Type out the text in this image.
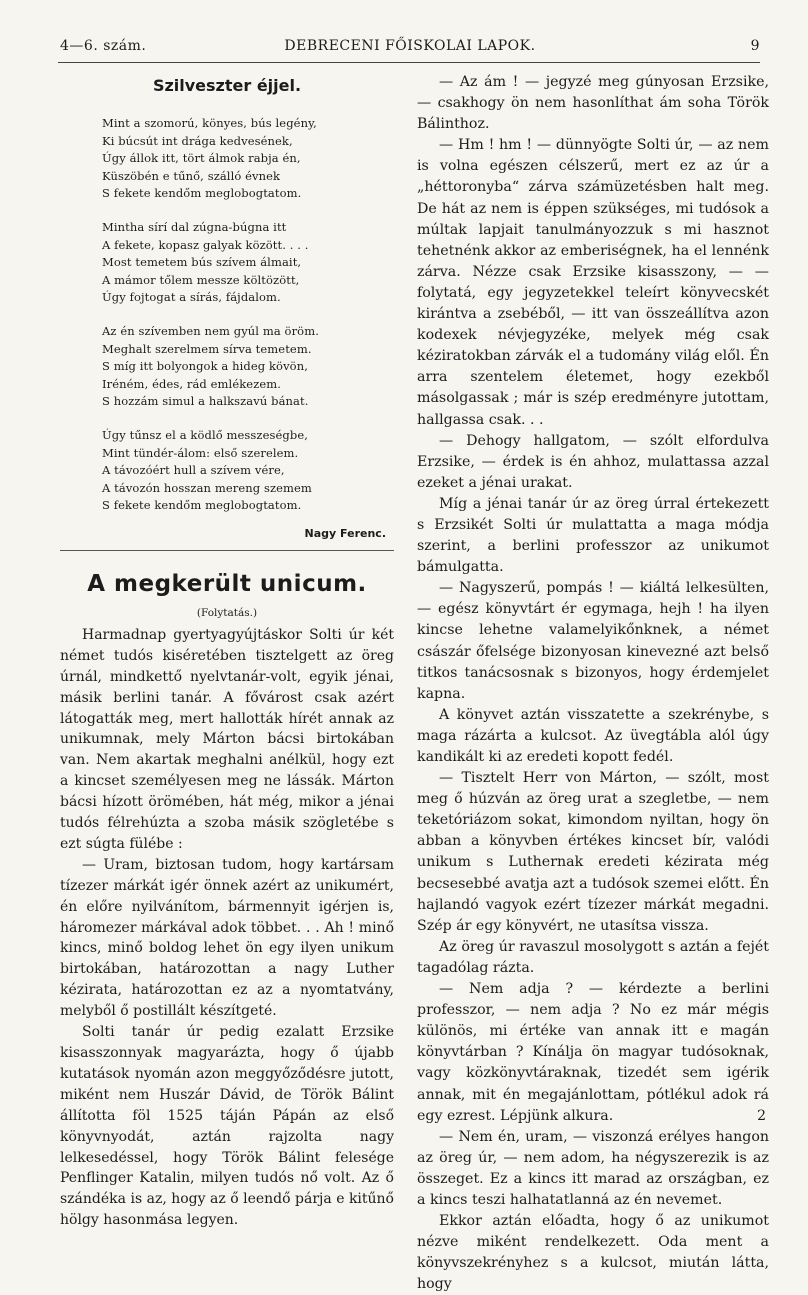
4—6. szám.	DEBRECENI FŐISKOLAI LAPOK.	9
Szilveszter éjjel.
Mint a szomorú, könyes, bús legény,
Ki búcsút int drága kedvesének,
Úgy állok itt, tört álmok rabja én,
Küszöbén e tűnő, szálló évnek
S fekete kendőm meglobogtatom.
Mintha sírí dal zúgna-búgna itt
A fekete, kopasz galyak között. . . .
Most temetem bús szívem álmait,
A mámor tőlem messze költözött,
Úgy fojtogat a sírás, fájdalom.
Az én szívemben nem gyúl ma öröm.
Meghalt szerelmem sírva temetem.
S míg itt bolyongok a hideg kövön,
Iréném, édes, rád emlékezem.
S hozzám simul a halkszavú bánat.
Úgy tűnsz el a ködlő messzeségbe,
Mint tündér-álom: első szerelem.
A távozóért hull a szívem vére,
A távozón hosszan mereng szemem
S fekete kendőm meglobogtatom.
Nagy Ferenc.
A megkerült unicum.
(Folytatás.)

Harmadnap gyertyagyújtáskor Solti úr két német tudós kiséretében tisztelgett az öreg úrnál, mindkettő nyelvtanár-volt, egyik jénai, másik berlini tanár. A fővárost csak azért látogatták meg, mert hallották hírét annak az unikumnak, mely Márton bácsi birtokában van. Nem akartak meghalni anélkül, hogy ezt a kincset személyesen meg ne lássák. Márton bácsi hízott örömében, hát még, mikor a jénai tudós félrehúzta a szoba másik szögletébe s ezt súgta fülébe :

— Uram, biztosan tudom, hogy kartársam tízezer márkát igér önnek azért az unikumért, én előre nyilvánítom, bármennyit igérjen is, háromezer márkával adok többet. . . Ah ! minő kincs, minő boldog lehet ön egy ilyen unikum birtokában, határozottan a nagy Luther kézirata, határozottan ez az a nyomtatvány, melyből ő postillált készítgeté.

Solti tanár úr pedig ezalatt Erzsike kisasszonnyak magyarázta, hogy ő újabb kutatások nyomán azon meggyőződésre jutott, miként nem Huszár Dávid, de Török Bálint állította föl 1525 táján Pápán az első könyvnyodát, aztán rajzolta nagy lelkesedéssel, hogy Török Bálint felesége Penflinger Katalin, milyen tudós nő volt. Az ő szándéka is az, hogy az ő leendő párja e kitűnő hölgy hasonmása legyen.

— Az ám ! — jegyzé meg gúnyosan Erzsike, — csakhogy ön nem hasonlíthat ám soha Török Bálinthoz.

— Hm ! hm ! — dünnyögte Solti úr, — az nem is volna egészen célszerű, mert ez az úr a „héttoronyba“ zárva számüzetésben halt meg. De hát az nem is éppen szükséges, mi tudósok a múltak lapjait tanulmányozzuk s mi hasznot tehetnénk akkor az emberiségnek, ha el lennénk zárva. Nézze csak Erzsike kisasszony, — — folytatá, egy jegyzetekkel teleírt könyvecskét kirántva a zsebéből, — itt van összeállítva azon kodexek névjegyzéke, melyek még csak kéziratokban zárvák el a tudomány világ elől. Én arra szentelem életemet, hogy ezekből másolgassak ; már is szép eredményre jutottam, hallgassa csak. . .

— Dehogy hallgatom, — szólt elfordulva Erzsike, — érdek is én ahhoz, mulattassa azzal ezeket a jénai urakat.

Míg a jénai tanár úr az öreg úrral értekezett s Erzsikét Solti úr mulattatta a maga módja szerint, a berlini professzor az unikumot bámulgatta.

— Nagyszerű, pompás ! — kiáltá lelkesülten, — egész könyvtárt ér egymaga, hejh ! ha ilyen kincse lehetne valamelyikőnknek, a német császár őfelsége bizonyosan kinevezné azt belső titkos tanácsosnak s bizonyos, hogy érdemjelet kapna.

A könyvet aztán visszatette a szekrénybe, s maga rázárta a kulcsot. Az üvegtábla alól úgy kandikált ki az eredeti kopott fedél.

— Tisztelt Herr von Márton, — szólt, most meg ő húzván az öreg urat a szegletbe, — nem teketóriázom sokat, kimondom nyiltan, hogy ön abban a könyvben értékes kincset bír, valódi unikum s Luthernak eredeti kézirata még becsesebbé avatja azt a tudósok szemei előtt. Én hajlandó vagyok ezért tízezer márkát megadni. Szép ár egy könyvért, ne utasítsa vissza.

Az öreg úr ravaszul mosolygott s aztán a fejét tagadólag rázta.

— Nem adja ? — kérdezte a berlini professzor, — nem adja ? No ez már mégis különös, mi értéke van annak itt e magán könyvtárban ? Kínálja ön magyar tudósoknak, vagy közkönyvtáraknak, tizedét sem igérik annak, mit én megajánlottam, pótlékul adok rá egy ezrest. Lépjünk alkura.

— Nem én, uram, — viszonzá erélyes hangon az öreg úr, — nem adom, ha négyszerezik is az összeget. Ez a kincs itt marad az országban, ez a kincs teszi halhatatlanná az én nevemet.

Ekkor aztán előadta, hogy ő az unikumot nézve miként rendelkezett. Oda ment a könyvszekrényhez s a kulcsot, miután látta, hogy

2
